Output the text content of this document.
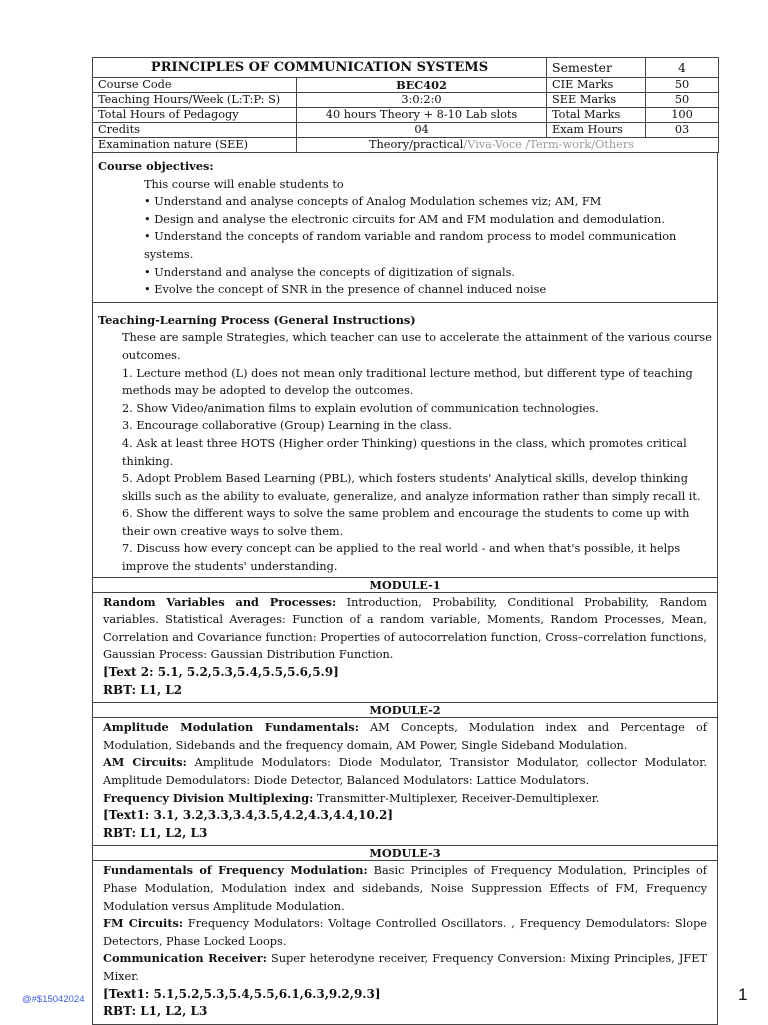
PRINCIPLES OF COMMUNICATION SYSTEMS		Semester	4
Course Code	BEC402	CIE Marks	50
Teaching Hours/Week (L:T:P: S)	3:0:2:0	SEE Marks	50
Total Hours of Pedagogy	40 hours Theory + 8-10 Lab slots	Total Marks	100
Credits	04	Exam Hours	03
Examination nature (SEE)	Theory/practical/Viva-Voce /Term-work/Others		
Course objectives:
This course will enable students to
• Understand and analyse concepts of Analog Modulation schemes viz; AM, FM
• Design and analyse the electronic circuits for AM and FM modulation and demodulation.
• Understand the concepts of random variable and random process to model communication systems.
• Understand and analyse the concepts of digitization of signals.
• Evolve the concept of SNR in the presence of channel induced noise
Teaching-Learning Process (General Instructions)
These are sample Strategies, which teacher can use to accelerate the attainment of the various course outcomes.
1. Lecture method (L) does not mean only traditional lecture method, but different type of teaching methods may be adopted to develop the outcomes.
2. Show Video/animation films to explain evolution of communication technologies.
3. Encourage collaborative (Group) Learning in the class.
4. Ask at least three HOTS (Higher order Thinking) questions in the class, which promotes critical thinking.
5. Adopt Problem Based Learning (PBL), which fosters students' Analytical skills, develop thinking skills such as the ability to evaluate, generalize, and analyze information rather than simply recall it.
6. Show the different ways to solve the same problem and encourage the students to come up with their own creative ways to solve them.
7. Discuss how every concept can be applied to the real world - and when that's possible, it helps improve the students' understanding.
MODULE-1
Random Variables and Processes: Introduction, Probability, Conditional Probability, Random variables. Statistical Averages: Function of a random variable, Moments, Random Processes, Mean, Correlation and Covariance function: Properties of autocorrelation function, Cross–correlation functions, Gaussian Process: Gaussian Distribution Function.
[Text 2: 5.1, 5.2,5.3,5.4,5.5,5.6,5.9]
RBT: L1, L2
MODULE-2
Amplitude Modulation Fundamentals: AM Concepts, Modulation index and Percentage of Modulation, Sidebands and the frequency domain, AM Power, Single Sideband Modulation.
AM Circuits: Amplitude Modulators: Diode Modulator, Transistor Modulator, collector Modulator. Amplitude Demodulators: Diode Detector, Balanced Modulators: Lattice Modulators.
Frequency Division Multiplexing: Transmitter-Multiplexer, Receiver-Demultiplexer.
[Text1: 3.1, 3.2,3.3,3.4,3.5,4.2,4.3,4.4,10.2]
RBT: L1, L2, L3
MODULE-3
Fundamentals of Frequency Modulation: Basic Principles of Frequency Modulation, Principles of Phase Modulation, Modulation index and sidebands, Noise Suppression Effects of FM, Frequency Modulation versus Amplitude Modulation.
FM Circuits: Frequency Modulators: Voltage Controlled Oscillators. , Frequency Demodulators: Slope Detectors, Phase Locked Loops.
Communication Receiver: Super heterodyne receiver, Frequency Conversion: Mixing Principles, JFET Mixer.
[Text1: 5.1,5.2,5.3,5.4,5.5,6.1,6.3,9.2,9.3]
RBT: L1, L2, L3
@#$15042024	1
